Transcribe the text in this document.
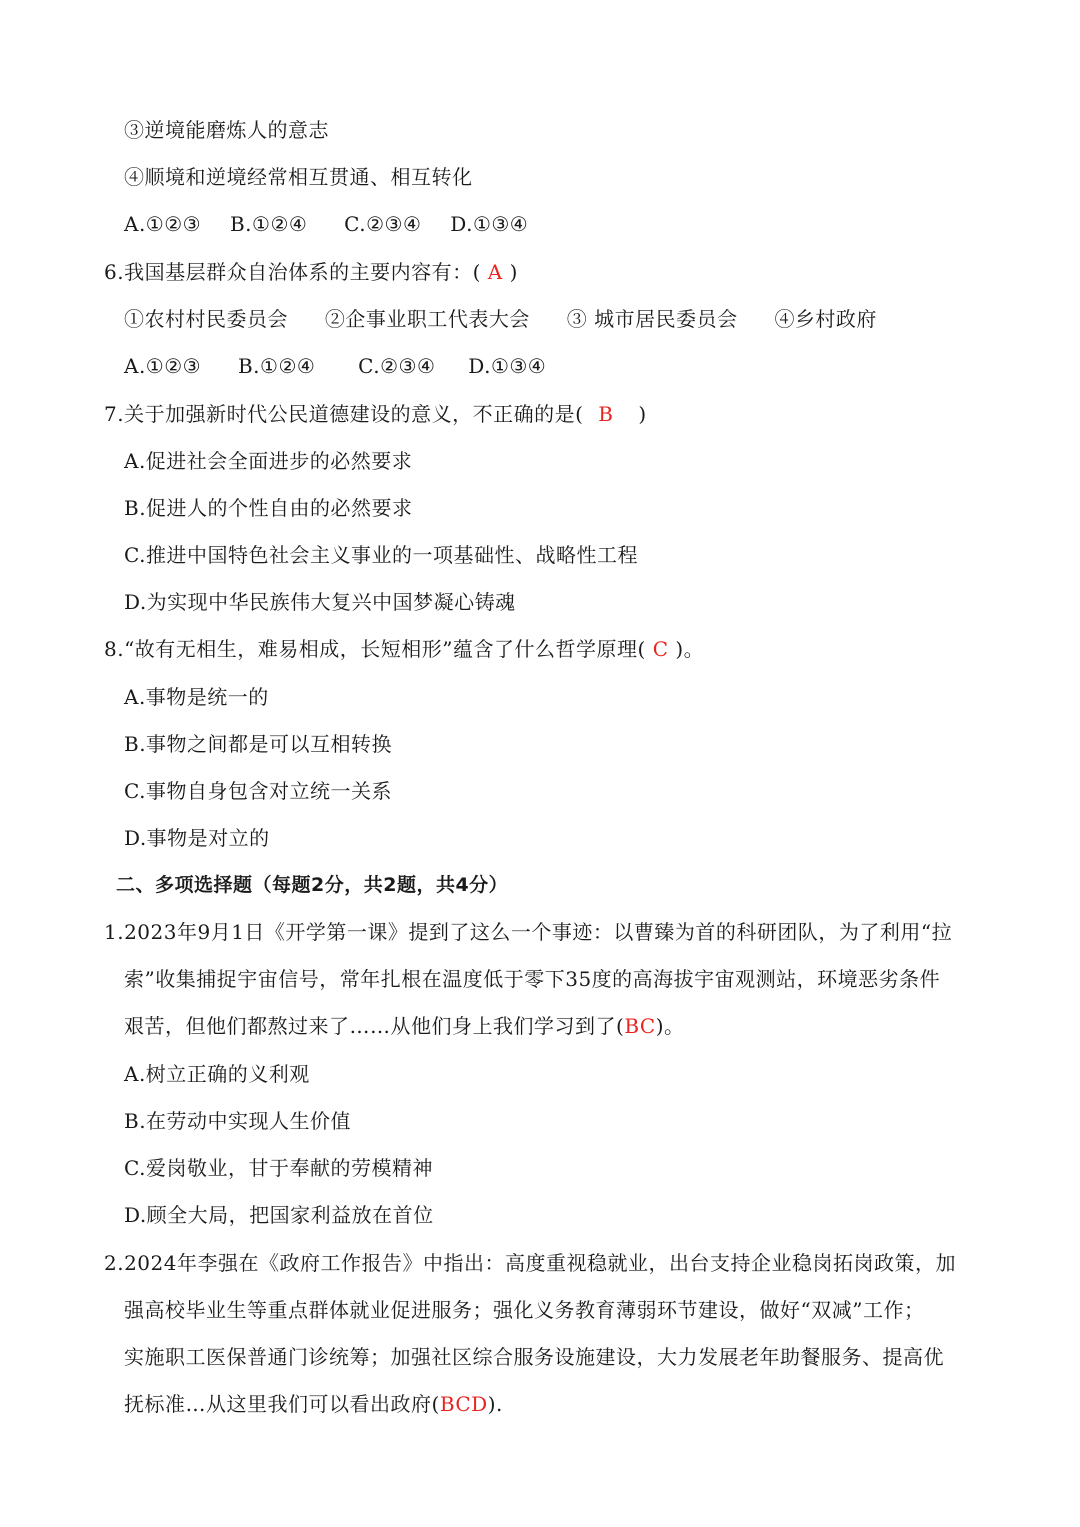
③逆境能磨炼人的意志
④顺境和逆境经常相互贯通、相互转化
A.①②③ B.①②④ C.②③④ D.①③④
6.我国基层群众自治体系的主要内容有：( A )
①农村村民委员会 ②企事业职工代表大会 ③ 城市居民委员会 ④乡村政府
A.①②③ B.①②④ C.②③④ D.①③④
7.关于加强新时代公民道德建设的意义，不正确的是( B )
A.促进社会全面进步的必然要求
B.促进人的个性自由的必然要求
C.推进中国特色社会主义事业的一项基础性、战略性工程
D.为实现中华民族伟大复兴中国梦凝心铸魂
8.“故有无相生，难易相成，长短相形”蕴含了什么哲学原理( C )。
A.事物是统一的
B.事物之间都是可以互相转换
C.事物自身包含对立统一关系
D.事物是对立的
二、多项选择题（每题2分，共2题，共4分）
1.2023年9月1日《开学第一课》提到了这么一个事迹：以曹臻为首的科研团队，为了利用“拉
索”收集捕捉宇宙信号，常年扎根在温度低于零下35度的高海拔宇宙观测站，环境恶劣条件
艰苦，但他们都熬过来了……从他们身上我们学习到了(BC)。
A.树立正确的义利观
B.在劳动中实现人生价值
C.爱岗敬业，甘于奉献的劳模精神
D.顾全大局，把国家利益放在首位
2.2024年李强在《政府工作报告》中指出：高度重视稳就业，出台支持企业稳岗拓岗政策，加
强高校毕业生等重点群体就业促进服务；强化义务教育薄弱环节建设，做好“双减”工作；
实施职工医保普通门诊统筹；加强社区综合服务设施建设，大力发展老年助餐服务、提高优
抚标准…从这里我们可以看出政府(BCD).
